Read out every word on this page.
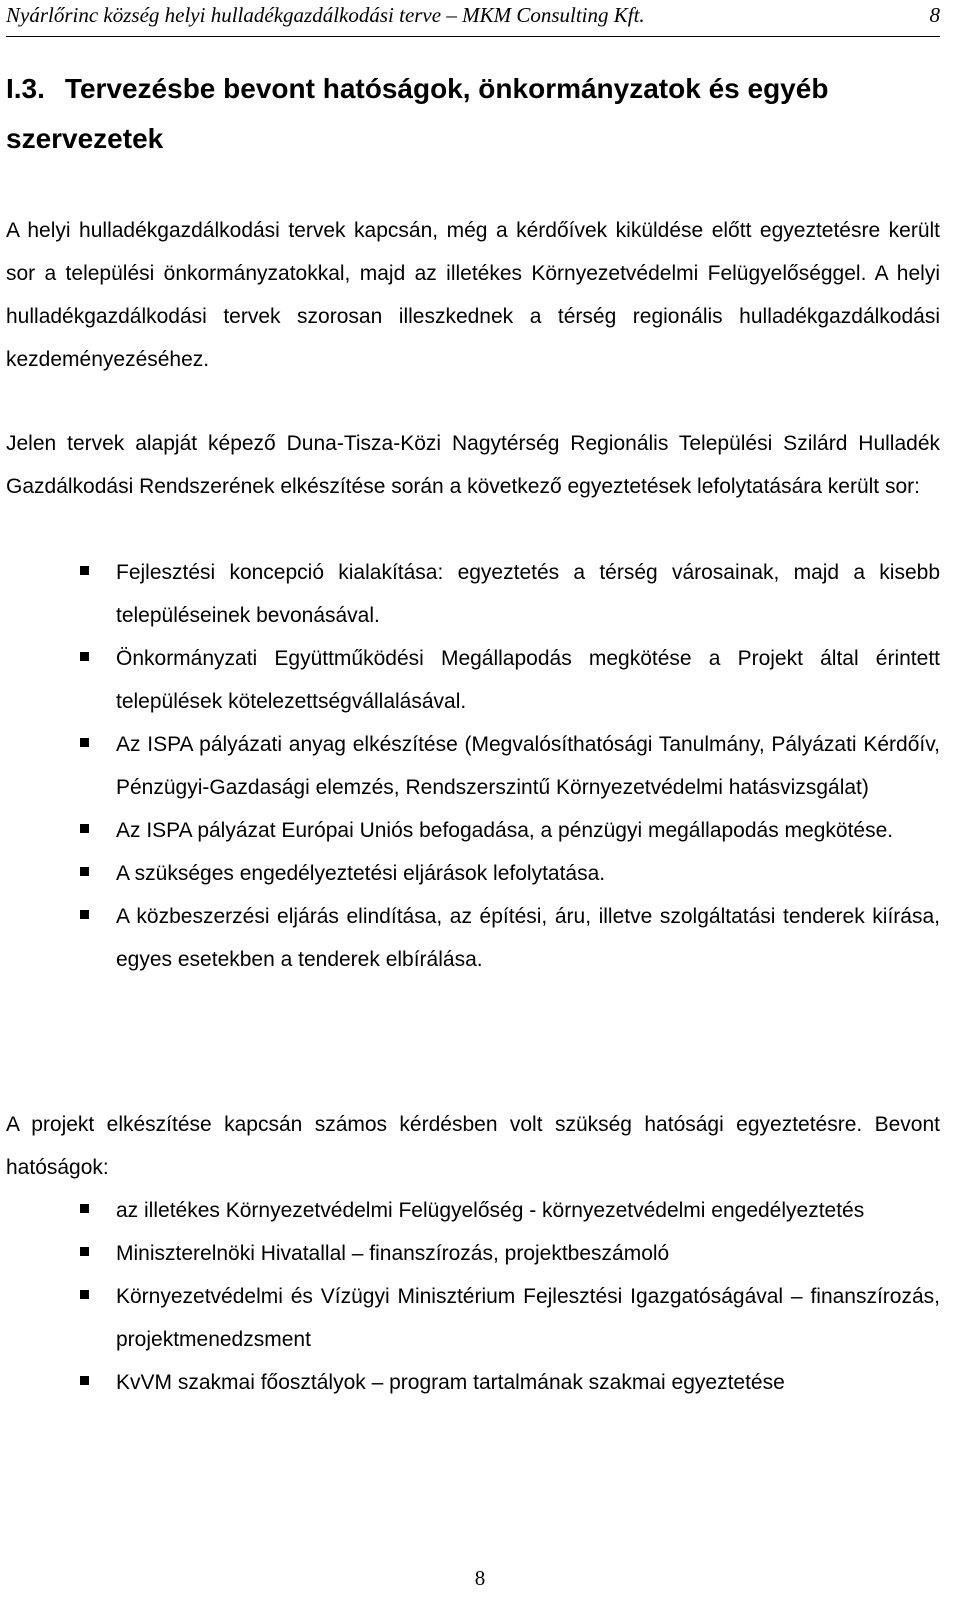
Nyárlőrinc község helyi hulladékgazdálkodási terve – MKM Consulting Kft.	8
I.3. Tervezésbe bevont hatóságok, önkormányzatok és egyéb szervezetek

A helyi hulladékgazdálkodási tervek kapcsán, még a kérdőívek kiküldése előtt egyeztetésre került sor a települési önkormányzatokkal, majd az illetékes Környezetvédelmi Felügyelőséggel. A helyi hulladékgazdálkodási tervek szorosan illeszkednek a térség regionális hulladékgazdálkodási kezdeményezéséhez.

Jelen tervek alapját képező Duna-Tisza-Közi Nagytérség Regionális Települési Szilárd Hulladék Gazdálkodási Rendszerének elkészítése során a következő egyeztetések lefolytatására került sor:

Fejlesztési koncepció kialakítása: egyeztetés a térség városainak, majd a kisebb településeinek bevonásával.
Önkormányzati Együttműködési Megállapodás megkötése a Projekt által érintett települések kötelezettségvállalásával.
Az ISPA pályázati anyag elkészítése (Megvalósíthatósági Tanulmány, Pályázati Kérdőív, Pénzügyi-Gazdasági elemzés, Rendszerszintű Környezetvédelmi hatásvizsgálat)
Az ISPA pályázat Európai Uniós befogadása, a pénzügyi megállapodás megkötése.
A szükséges engedélyeztetési eljárások lefolytatása.
A közbeszerzési eljárás elindítása, az építési, áru, illetve szolgáltatási tenderek kiírása, egyes esetekben a tenderek elbírálása.

A projekt elkészítése kapcsán számos kérdésben volt szükség hatósági egyeztetésre. Bevont hatóságok:

az illetékes Környezetvédelmi Felügyelőség - környezetvédelmi engedélyeztetés
Miniszterelnöki Hivatallal – finanszírozás, projektbeszámoló
Környezetvédelmi és Vízügyi Minisztérium Fejlesztési Igazgatóságával – finanszírozás, projektmenedzsment
KvVM szakmai főosztályok – program tartalmának szakmai egyeztetése
8
